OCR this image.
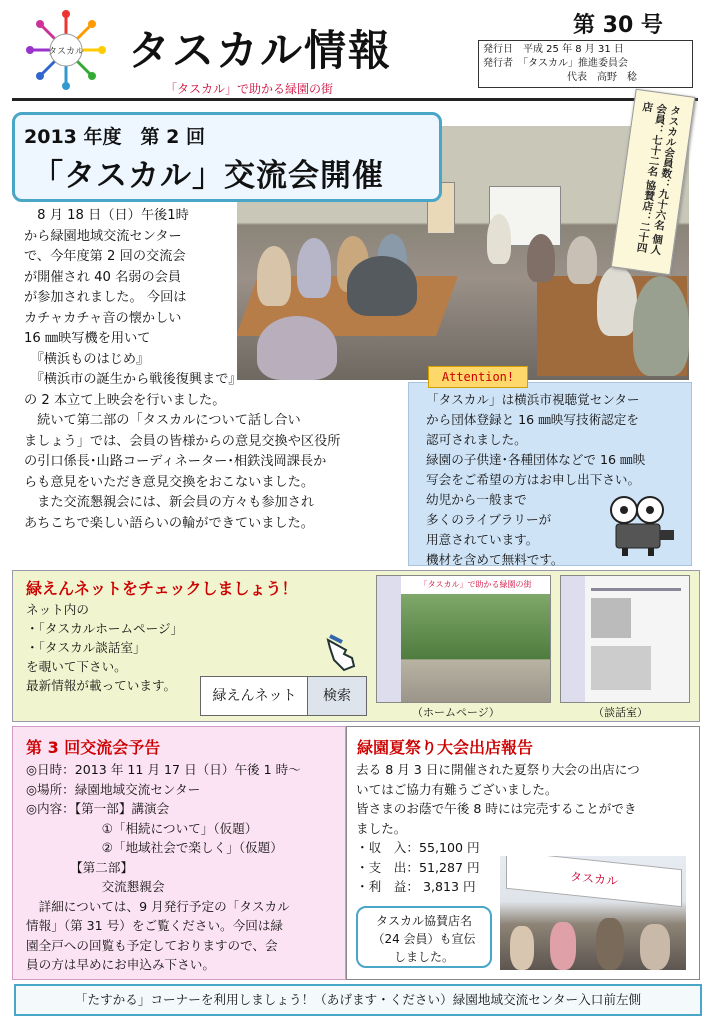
タスカル タスカル情報
「タスカル」で助かる緑園の街
第 30 号
発行日　平成 25 年 8 月 31 日
発行者　「タスカル」推進委員会
代表　高野　稔
タスカル会員数：九十六名 個人会員：七十二名 協賛店：二十四店
2013 年度　第 2 回
「タスカル」交流会開催

　8 月 18 日（日）午後1時

から緑園地域交流センター

で、今年度第 2 回の交流会

が開催され 40 名弱の会員

が参加されました。 今回は

カチャカチャ音の懐かしい

16 ㎜映写機を用いて

　『横浜ものはじめ』

　『横浜市の誕生から戦後復興まで』

の 2 本立て上映会を行いました。

　続いて第二部の「タスカルについて話し合い

ましょう」では、会員の皆様からの意見交換や区役所

の引口係長･山路コーディネーター･相鉄浅岡課長か

らも意見をいただき意見交換をおこないました。

　また交流懇親会には、新会員の方々も参加され

あちこちで楽しい語らいの輪ができていました。

Attention!
「タスカル」は横浜市視聴覚センター
から団体登録と 16 ㎜映写技術認定を
認可されました。
緑園の子供達･各種団体などで 16 ㎜映
写会をご希望の方はお申し出下さい。
幼児から一般まで
多くのライブラリーが
用意されています。
機材を含めて無料です。
緑えんネットをチェックしましょう！
ネット内の
・「タスカルホームページ」
・「タスカル談話室」
を覗いて下さい。
最新情報が載っています。
緑えんネット	検索
「タスカル」で助かる緑園の街
（ホームページ）	（談話室）
第 3 回交流会予告
◎日時：2013 年 11 月 17 日（日）午後 1 時～
◎場所：緑園地域交流センター
◎内容：【第一部】講演会
　　　　　　①「相続について」（仮題）
　　　　　　②「地域社会で楽しく」（仮題）
　　　　【第二部】
　　　　　　交流懇親会
　詳細については、9 月発行予定の「タスカル
情報」（第 31 号）をご覧ください。今回は緑
園全戸への回覧も予定しておりますので、会
員の方は早めにお申込み下さい。
緑園夏祭り大会出店報告
去る 8 月 3 日に開催された夏祭り大会の出店につ
いてはご協力有難うございました。
皆さまのお蔭で午後 8 時には完売することができ
ました。
・収　入：55,100 円
・支　出：51,287 円
・利　益： 3,813 円	タスカル
タスカル協賛店名
（24 会員）も宣伝
しました。
「たすかる」コーナーを利用しましょう！（あげます・ください）緑園地域交流センター入口前左側
